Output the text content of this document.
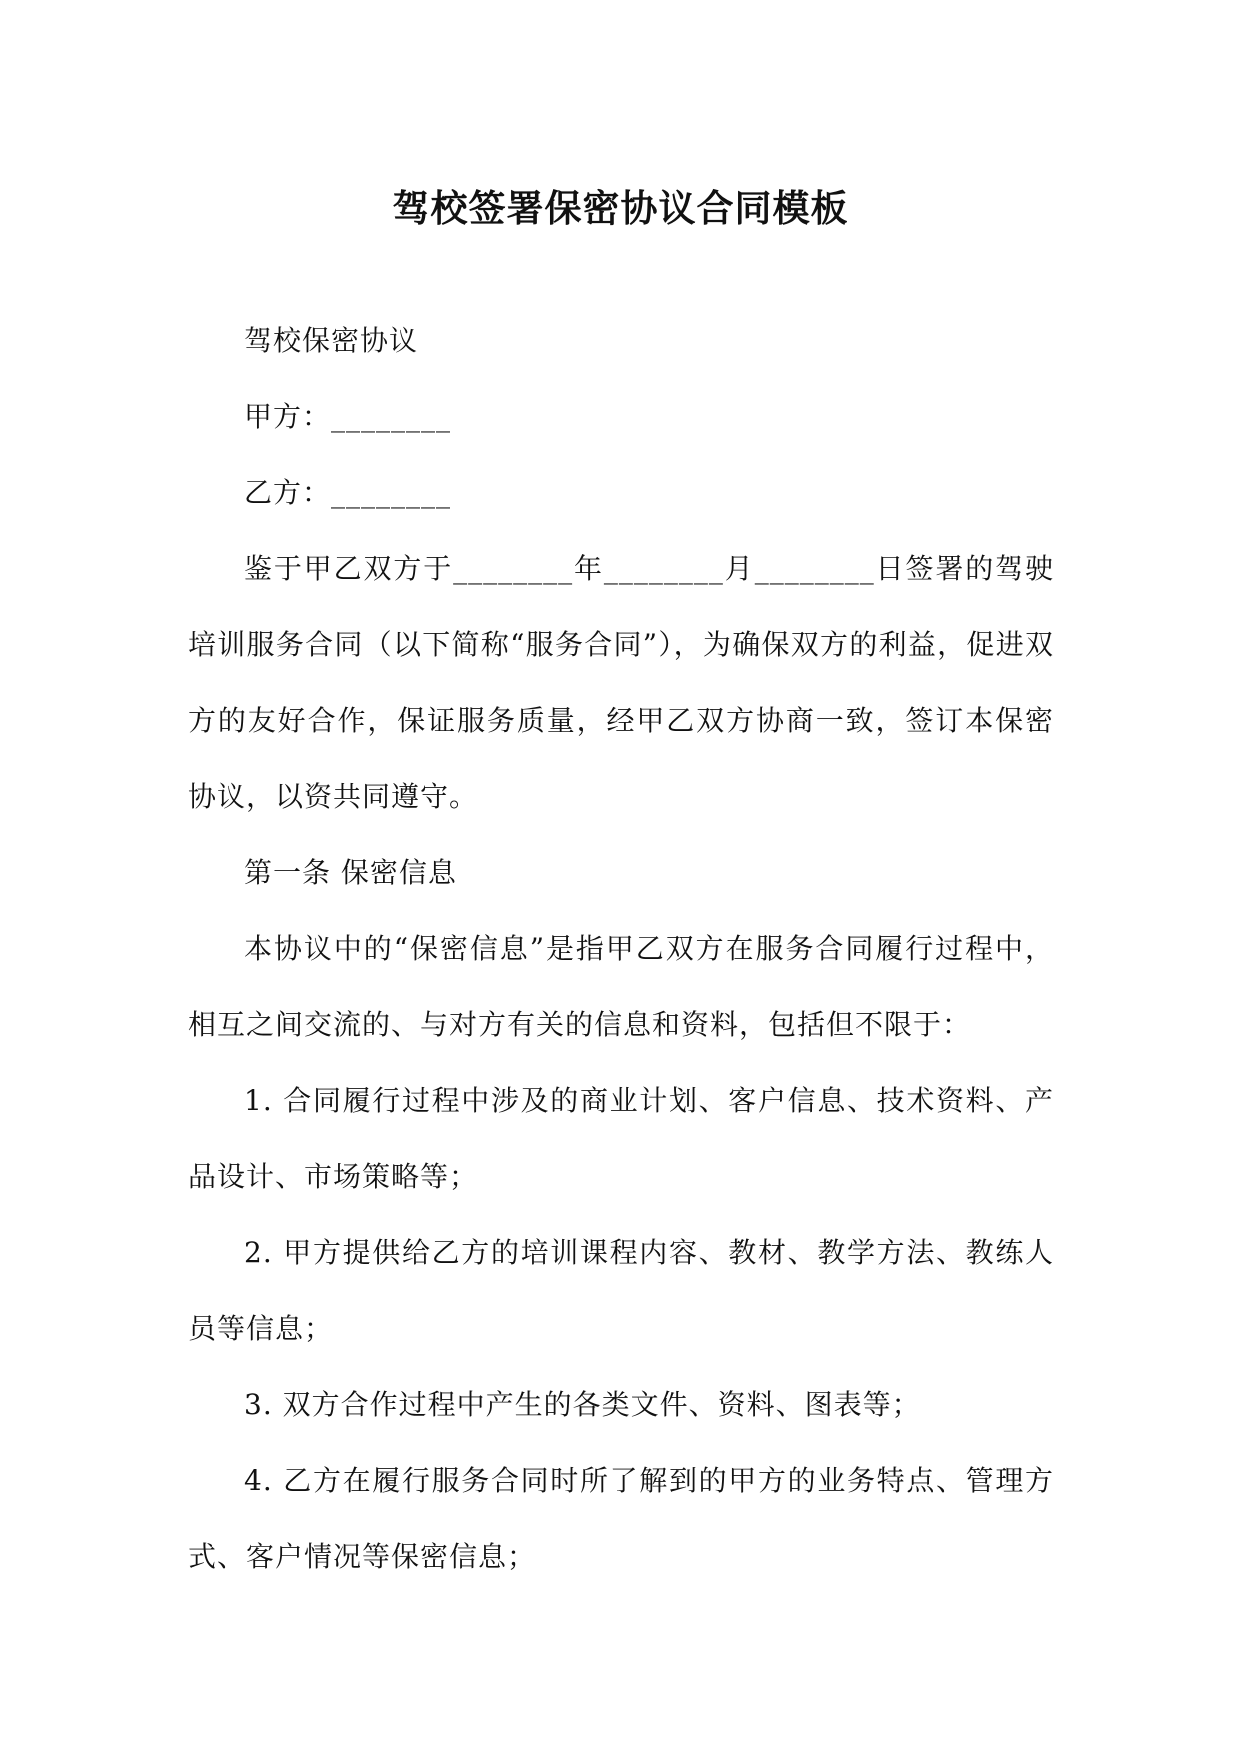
驾校签署保密协议合同模板

驾校保密协议

甲方：________

乙方：________

鉴于甲乙双方于________年________月________日签署的驾驶培训服务合同（以下简称“服务合同”），为确保双方的利益，促进双方的友好合作，保证服务质量，经甲乙双方协商一致，签订本保密协议，以资共同遵守。

第一条 保密信息

本协议中的“保密信息”是指甲乙双方在服务合同履行过程中，相互之间交流的、与对方有关的信息和资料，包括但不限于：

1. 合同履行过程中涉及的商业计划、客户信息、技术资料、产品设计、市场策略等；

2. 甲方提供给乙方的培训课程内容、教材、教学方法、教练人员等信息；

3. 双方合作过程中产生的各类文件、资料、图表等；

4. 乙方在履行服务合同时所了解到的甲方的业务特点、管理方式、客户情况等保密信息；
